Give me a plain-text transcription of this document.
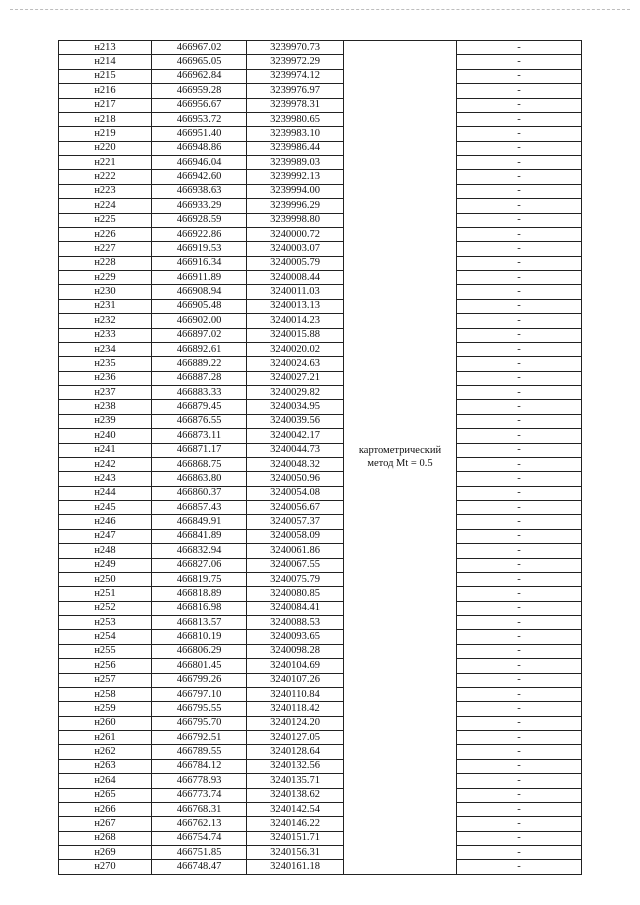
н213	466967.02	3239970.73	картометрический метод Mt = 0.5	-
н214	466965.05	3239972.29		-
н215	466962.84	3239974.12		-
н216	466959.28	3239976.97		-
н217	466956.67	3239978.31		-
н218	466953.72	3239980.65		-
н219	466951.40	3239983.10		-
н220	466948.86	3239986.44		-
н221	466946.04	3239989.03		-
н222	466942.60	3239992.13		-
н223	466938.63	3239994.00		-
н224	466933.29	3239996.29		-
н225	466928.59	3239998.80		-
н226	466922.86	3240000.72		-
н227	466919.53	3240003.07		-
н228	466916.34	3240005.79		-
н229	466911.89	3240008.44		-
н230	466908.94	3240011.03		-
н231	466905.48	3240013.13		-
н232	466902.00	3240014.23		-
н233	466897.02	3240015.88		-
н234	466892.61	3240020.02		-
н235	466889.22	3240024.63		-
н236	466887.28	3240027.21		-
н237	466883.33	3240029.82		-
н238	466879.45	3240034.95		-
н239	466876.55	3240039.56		-
н240	466873.11	3240042.17		-
н241	466871.17	3240044.73		-
н242	466868.75	3240048.32		-
н243	466863.80	3240050.96		-
н244	466860.37	3240054.08		-
н245	466857.43	3240056.67		-
н246	466849.91	3240057.37		-
н247	466841.89	3240058.09		-
н248	466832.94	3240061.86		-
н249	466827.06	3240067.55		-
н250	466819.75	3240075.79		-
н251	466818.89	3240080.85		-
н252	466816.98	3240084.41		-
н253	466813.57	3240088.53		-
н254	466810.19	3240093.65		-
н255	466806.29	3240098.28		-
н256	466801.45	3240104.69		-
н257	466799.26	3240107.26		-
н258	466797.10	3240110.84		-
н259	466795.55	3240118.42		-
н260	466795.70	3240124.20		-
н261	466792.51	3240127.05		-
н262	466789.55	3240128.64		-
н263	466784.12	3240132.56		-
н264	466778.93	3240135.71		-
н265	466773.74	3240138.62		-
н266	466768.31	3240142.54		-
н267	466762.13	3240146.22		-
н268	466754.74	3240151.71		-
н269	466751.85	3240156.31		-
н270	466748.47	3240161.18		-
